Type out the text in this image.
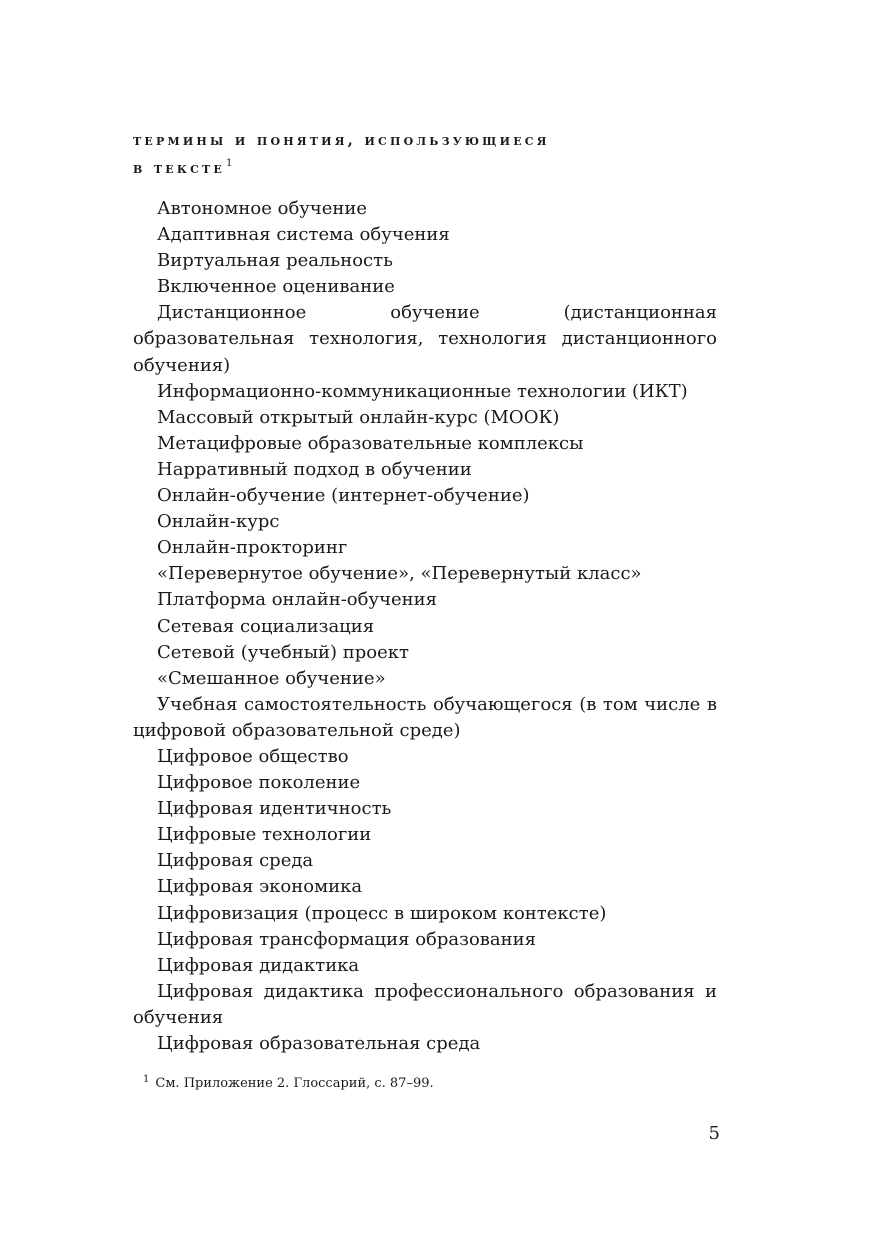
термины и понятия, использующиеся
в тексте$^1$
Автономное обучение
Адаптивная система обучения
Виртуальная реальность
Включенное оценивание
Дистанционное обучение (дистанционная образовательная технология, технология дистанционного обучения)
Информационно-коммуникационные технологии (ИКТ)
Массовый открытый онлайн-курс (МООК)
Метацифровые образовательные комплексы
Нарративный подход в обучении
Онлайн-обучение (интернет-обучение)
Онлайн-курс
Онлайн-прокторинг
«Перевернутое обучение», «Перевернутый класс»
Платформа онлайн-обучения
Сетевая социализация
Сетевой (учебный) проект
«Смешанное обучение»
Учебная самостоятельность обучающегося (в том числе в цифровой образовательной среде)
Цифровое общество
Цифровое поколение
Цифровая идентичность
Цифровые технологии
Цифровая среда
Цифровая экономика
Цифровизация (процесс в широком контексте)
Цифровая трансформация образования
Цифровая дидактика
Цифровая дидактика профессионального образования и обучения
Цифровая образовательная среда

$^1$ См. Приложение 2. Глоссарий, с. 87–99.

5
